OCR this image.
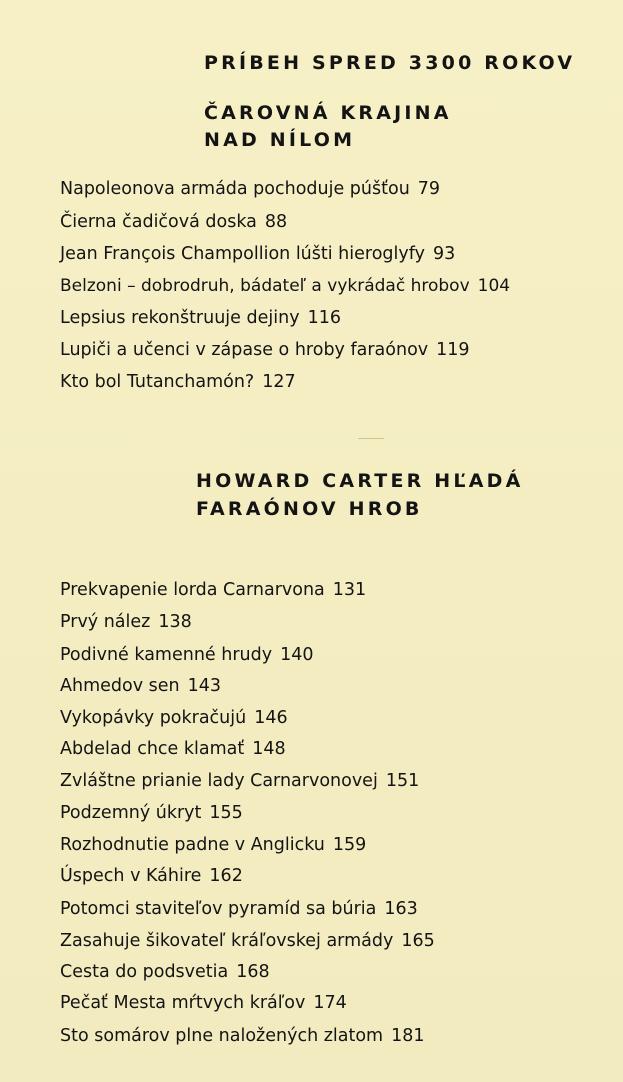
PRÍBEH SPRED 3300 ROKOV
ČAROVNÁ KRAJINA
NAD NÍLOM
Napoleonova armáda pochoduje púšťou 79
Čierna čadičová doska 88
Jean François Champollion lúšti hieroglyfy 93
Belzoni – dobrodruh, bádateľ a vykrádač hrobov 104
Lepsius rekonštruuje dejiny 116
Lupiči a učenci v zápase o hroby faraónov 119
Kto bol Tutanchamón? 127
HOWARD CARTER HĽADÁ
FARAÓNOV HROB
Prekvapenie lorda Carnarvona 131
Prvý nález 138
Podivné kamenné hrudy 140
Ahmedov sen 143
Vykopávky pokračujú 146
Abdelad chce klamať 148
Zvláštne prianie lady Carnarvonovej 151
Podzemný úkryt 155
Rozhodnutie padne v Anglicku 159
Úspech v Káhire 162
Potomci staviteľov pyramíd sa búria 163
Zasahuje šikovateľ kráľovskej armády 165
Cesta do podsvetia 168
Pečať Mesta mŕtvych kráľov 174
Sto somárov plne naložených zlatom 181
